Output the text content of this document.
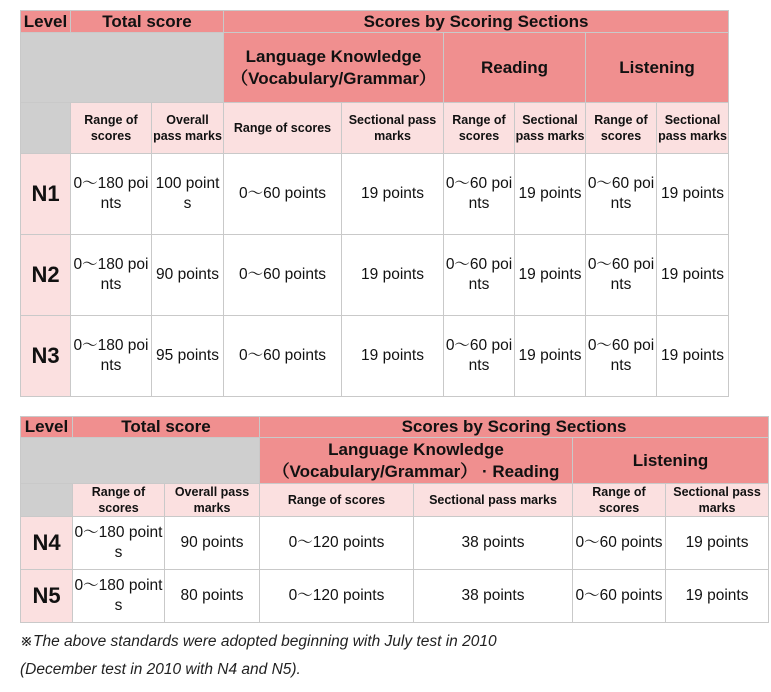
Level	Total score		Scores by Scoring Sections					
			Language Knowledge （Vocabulary/Grammar）		Reading		Listening	
	Range of scores	Overall pass marks	Range of scores	Sectional pass marks	Range of scores	Sectional pass marks	Range of scores	Sectional pass marks
N1	0～180 points	100 points	0～60 points	19 points	0～60 points	19 points	0～60 points	19 points
N2	0～180 points	90 points	0～60 points	19 points	0～60 points	19 points	0～60 points	19 points
N3	0～180 points	95 points	0～60 points	19 points	0～60 points	19 points	0～60 points	19 points
Level	Total score		Scores by Scoring Sections			
			Language Knowledge （Vocabulary/Grammar） · Reading		Listening	
	Range of scores	Overall pass marks	Range of scores	Sectional pass marks	Range of scores	Sectional pass marks
N4	0～180 points	90 points	0～120 points	38 points	0～60 points	19 points
N5	0～180 points	80 points	0～120 points	38 points	0～60 points	19 points
※The above standards were adopted beginning with July test in 2010
(December test in 2010 with N4 and N5).
